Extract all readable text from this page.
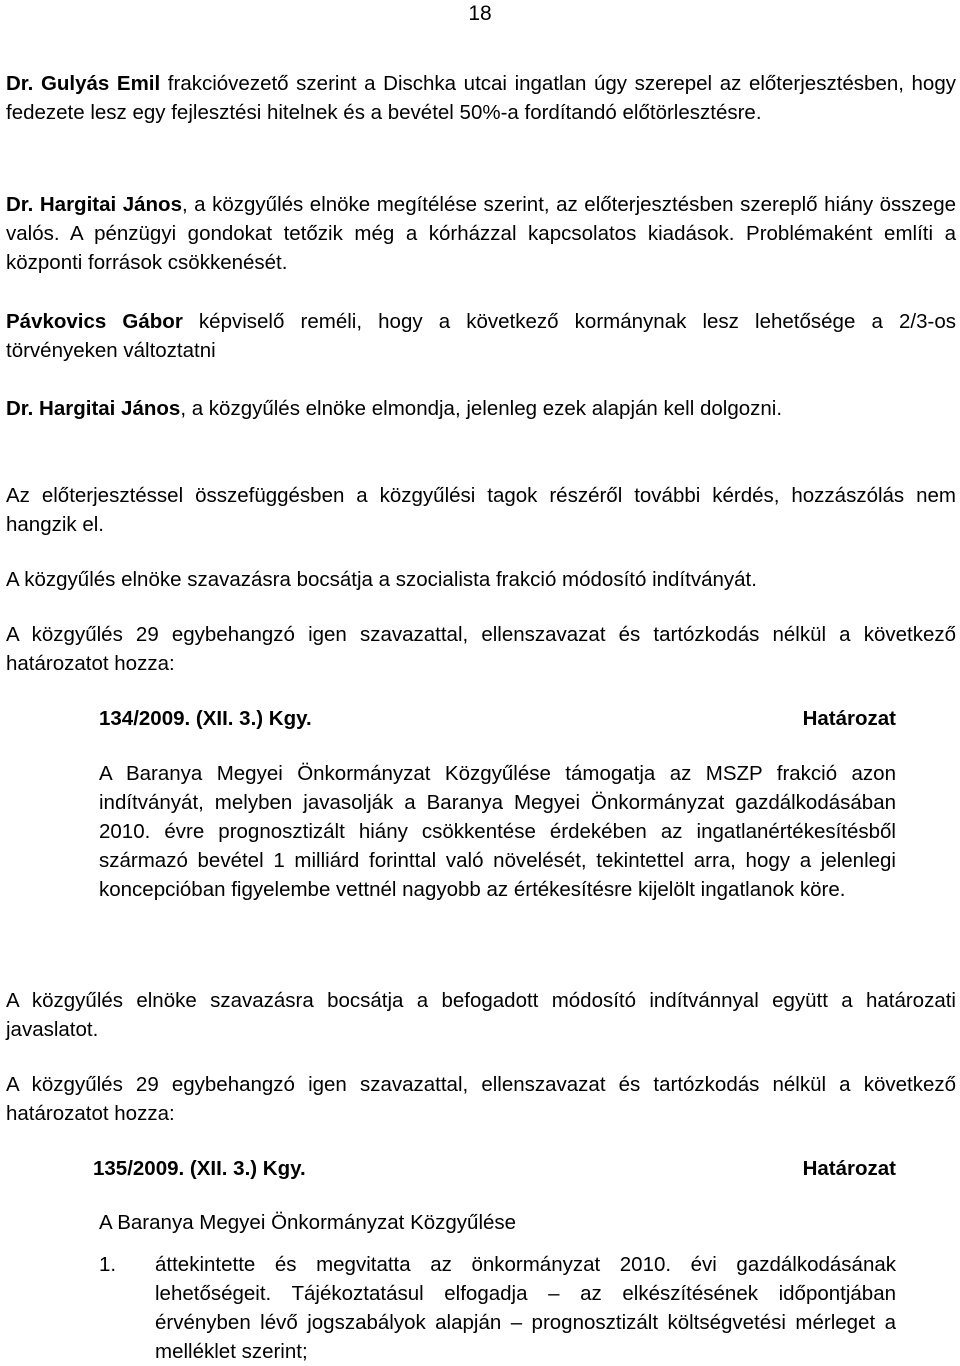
18

Dr. Gulyás Emil frakcióvezető szerint a Dischka utcai ingatlan úgy szerepel az előterjesztésben, hogy fedezete lesz egy fejlesztési hitelnek és a bevétel 50%-a fordítandó előtörlesztésre.

Dr. Hargitai János, a közgyűlés elnöke megítélése szerint, az előterjesztésben szereplő hiány összege valós. A pénzügyi gondokat tetőzik még a kórházzal kapcsolatos kiadások. Problémaként említi a központi források csökkenését.

Pávkovics Gábor képviselő reméli, hogy a következő kormánynak lesz lehetősége a 2/3-os törvényeken változtatni

Dr. Hargitai János, a közgyűlés elnöke elmondja, jelenleg ezek alapján kell dolgozni.

Az előterjesztéssel összefüggésben a közgyűlési tagok részéről további kérdés, hozzászólás nem hangzik el.

A közgyűlés elnöke szavazásra bocsátja a szocialista frakció módosító indítványát.

A közgyűlés 29 egybehangzó igen szavazattal, ellenszavazat és tartózkodás nélkül a következő határozatot hozza:

134/2009. (XII. 3.) Kgy.	Határozat

A Baranya Megyei Önkormányzat Közgyűlése támogatja az MSZP frakció azon indítványát, melyben javasolják a Baranya Megyei Önkormányzat gazdálkodásában 2010. évre prognosztizált hiány csökkentése érdekében az ingatlanértékesítésből származó bevétel 1 milliárd forinttal való növelését, tekintettel arra, hogy a jelenlegi koncepcióban figyelembe vettnél nagyobb az értékesítésre kijelölt ingatlanok köre.

A közgyűlés elnöke szavazásra bocsátja a befogadott módosító indítvánnyal együtt a határozati javaslatot.

A közgyűlés 29 egybehangzó igen szavazattal, ellenszavazat és tartózkodás nélkül a következő határozatot hozza:

135/2009. (XII. 3.) Kgy.	Határozat

A Baranya Megyei Önkormányzat Közgyűlése

1. áttekintette és megvitatta az önkormányzat 2010. évi gazdálkodásának lehetőségeit. Tájékoztatásul elfogadja – az elkészítésének időpontjában érvényben lévő jogszabályok alapján – prognosztizált költségvetési mérleget a melléklet szerint;
